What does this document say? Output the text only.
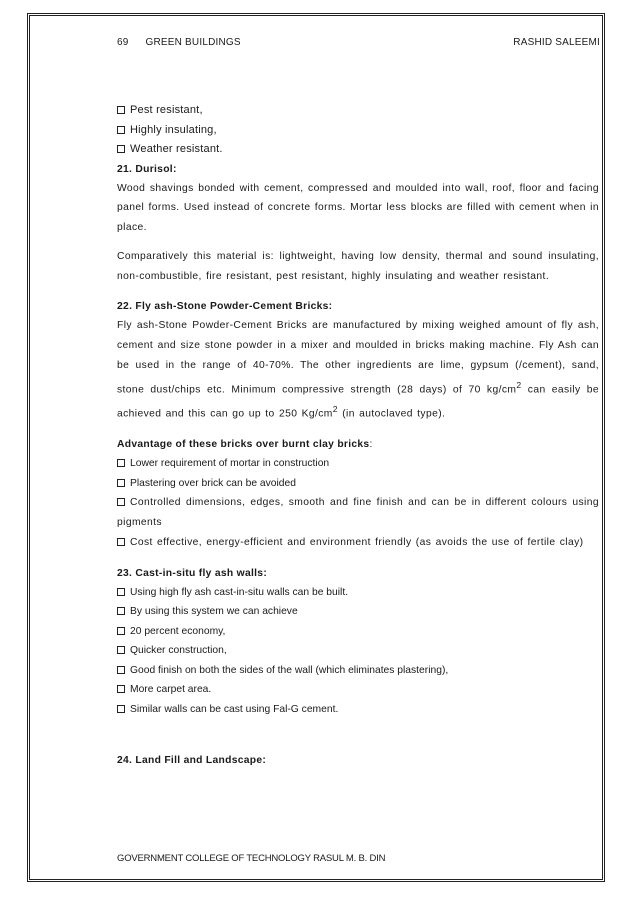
69 GREEN BUILDINGS	RASHID SALEEMI
Pest resistant,
Highly insulating,
Weather resistant.
21. Durisol:
Wood shavings bonded with cement, compressed and moulded into wall, roof, floor and facing panel forms. Used instead of concrete forms. Mortar less blocks are filled with cement when in place.
Comparatively this material is: lightweight, having low density, thermal and sound insulating, non-combustible, fire resistant, pest resistant, highly insulating and weather resistant.
22. Fly ash-Stone Powder-Cement Bricks:
Fly ash-Stone Powder-Cement Bricks are manufactured by mixing weighed amount of fly ash, cement and size stone powder in a mixer and moulded in bricks making machine. Fly Ash can be used in the range of 40-70%. The other ingredients are lime, gypsum (/cement), sand, stone dust/chips etc. Minimum compressive strength (28 days) of 70 $kg/cm^2$ can easily be achieved and this can go up to 250 $Kg/cm^2$ (in autoclaved type).
Advantage of these bricks over burnt clay bricks:
Lower requirement of mortar in construction
Plastering over brick can be avoided
Controlled dimensions, edges, smooth and fine finish and can be in different colours using pigments
Cost effective, energy-efficient and environment friendly (as avoids the use of fertile clay)
23. Cast-in-situ fly ash walls:
Using high fly ash cast-in-situ walls can be built.
By using this system we can achieve
20 percent economy,
Quicker construction,
Good finish on both the sides of the wall (which eliminates plastering),
More carpet area.
Similar walls can be cast using Fal-G cement.
24. Land Fill and Landscape:
GOVERNMENT COLLEGE OF TECHNOLOGY RASUL M. B. DIN
